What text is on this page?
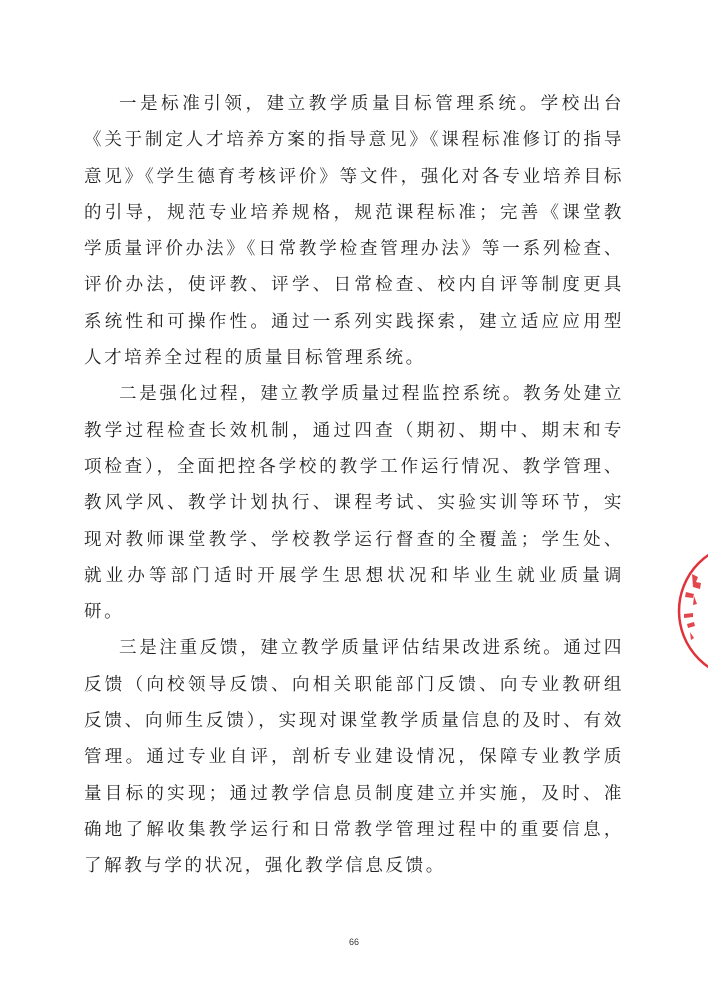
一是标准引领，建立教学质量目标管理系统。学校出台《关于制定人才培养方案的指导意见》《课程标准修订的指导意见》《学生德育考核评价》等文件，强化对各专业培养目标的引导，规范专业培养规格，规范课程标准；完善《课堂教学质量评价办法》《日常教学检查管理办法》等一系列检查、评价办法，使评教、评学、日常检查、校内自评等制度更具系统性和可操作性。通过一系列实践探索，建立适应应用型人才培养全过程的质量目标管理系统。

二是强化过程，建立教学质量过程监控系统。教务处建立教学过程检查长效机制，通过四查（期初、期中、期末和专项检查），全面把控各学校的教学工作运行情况、教学管理、教风学风、教学计划执行、课程考试、实验实训等环节，实现对教师课堂教学、学校教学运行督查的全覆盖；学生处、就业办等部门适时开展学生思想状况和毕业生就业质量调研。

三是注重反馈，建立教学质量评估结果改进系统。通过四反馈（向校领导反馈、向相关职能部门反馈、向专业教研组反馈、向师生反馈），实现对课堂教学质量信息的及时、有效管理。通过专业自评，剖析专业建设情况，保障专业教学质量目标的实现；通过教学信息员制度建立并实施，及时、准确地了解收集教学运行和日常教学管理过程中的重要信息，了解教与学的状况，强化教学信息反馈。

66
